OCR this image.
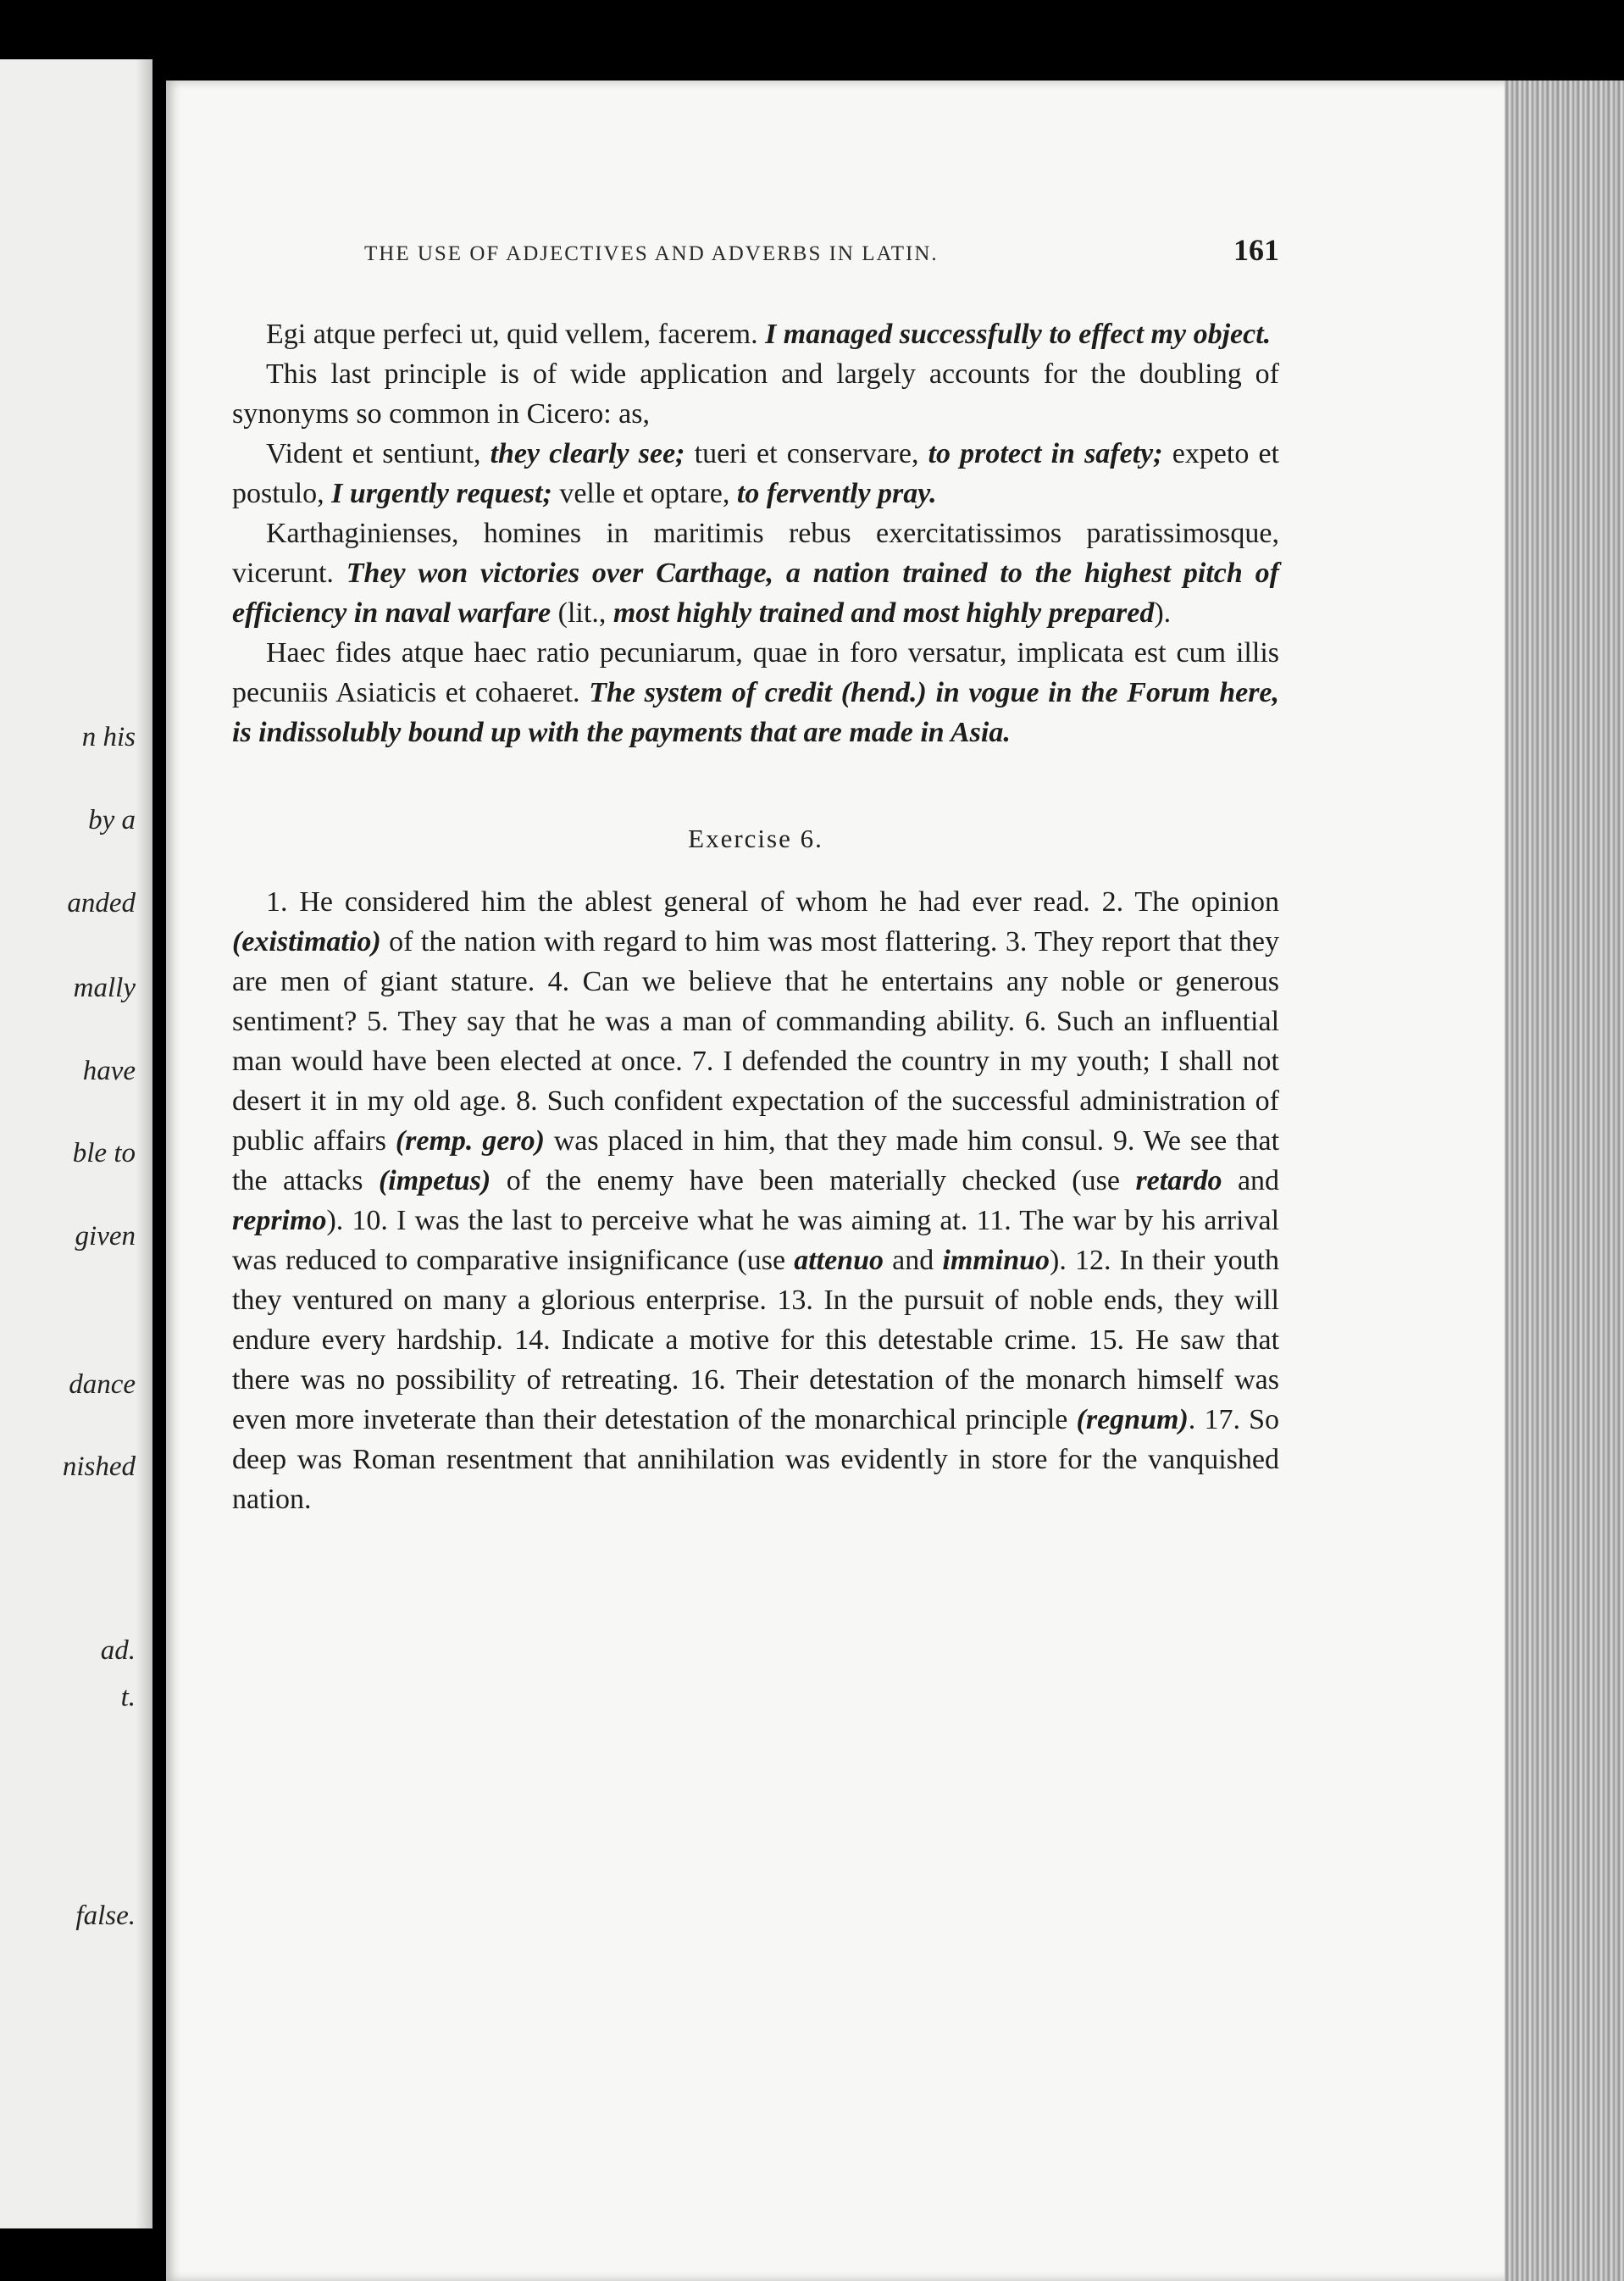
n his
by a
anded
mally
have
ble to
given
dance
nished
ad.
t.
false.
THE USE OF ADJECTIVES AND ADVERBS IN LATIN.	161

Egi atque perfeci ut, quid vellem, facerem. I managed successfully to effect my object.

This last principle is of wide application and largely accounts for the doubling of synonyms so common in Cicero: as,

Vident et sentiunt, they clearly see; tueri et conservare, to protect in safety; expeto et postulo, I urgently request; velle et optare, to fervently pray.

Karthaginienses, homines in maritimis rebus exercitatissimos paratissimosque, vicerunt. They won victories over Carthage, a nation trained to the highest pitch of efficiency in naval warfare (lit., most highly trained and most highly prepared).

Haec fides atque haec ratio pecuniarum, quae in foro versatur, implicata est cum illis pecuniis Asiaticis et cohaeret. The system of credit (hend.) in vogue in the Forum here, is indissolubly bound up with the payments that are made in Asia.

Exercise 6.

1. He considered him the ablest general of whom he had ever read. 2. The opinion (existimatio) of the nation with regard to him was most flattering. 3. They report that they are men of giant stature. 4. Can we believe that he entertains any noble or generous sentiment? 5. They say that he was a man of commanding ability. 6. Such an influential man would have been elected at once. 7. I defended the country in my youth; I shall not desert it in my old age. 8. Such confident expectation of the successful administration of public affairs (remp. gero) was placed in him, that they made him consul. 9. We see that the attacks (impetus) of the enemy have been materially checked (use retardo and reprimo). 10. I was the last to perceive what he was aiming at. 11. The war by his arrival was reduced to comparative insignificance (use attenuo and imminuo). 12. In their youth they ventured on many a glorious enterprise. 13. In the pursuit of noble ends, they will endure every hardship. 14. Indicate a motive for this detestable crime. 15. He saw that there was no possibility of retreating. 16. Their detestation of the monarch himself was even more inveterate than their detestation of the monarchical principle (regnum). 17. So deep was Roman resentment that annihilation was evidently in store for the vanquished nation.
